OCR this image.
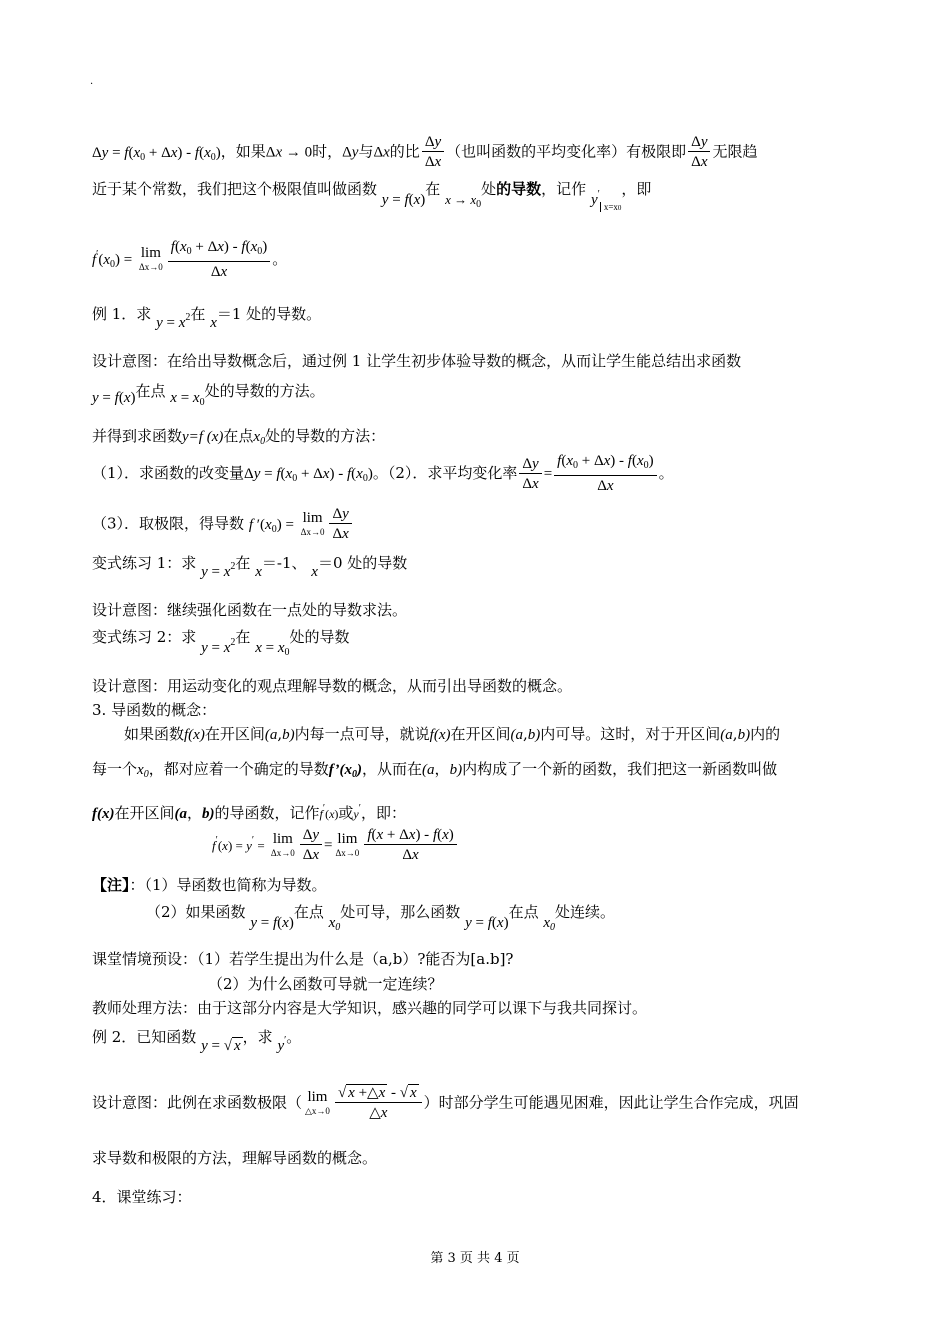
.
$\Delta y = f(x_0 + \Delta x) - f(x_0)$，如果Δx → 0时，Δy与Δx的比 $\frac{\Delta y}{\Delta x}$ （也叫函数的平均变化率）有极限即 $\frac{\Delta y}{\Delta x}$ 无限趋
近于某个常数，我们把这个极限值叫做函数 y = f(x)在 $x \to x_0$处的导数，记作 $y'_{x=x0}$，即
$f'(x_0) = \lim$
$\Delta x\to 0 \frac{f(x_0 + \Delta x) - f(x_0)}{\Delta x}$ 。
例 1．求 $y = x^2$在 x＝1 处的导数。
设计意图：在给出导数概念后，通过例 1 让学生初步体验导数的概念，从而让学生能总结出求函数
y = f(x)在点 $x = x_0$处的导数的方法。
并得到求函数y=f (x)在点$x_0$处的导数的方法：
（1）．求函数的改变量$\Delta y = f(x_0 + \Delta x) - f(x_0)$。（2）．求平均变化率 $\frac{\Delta y}{\Delta x} = \frac{f(x_0 + \Delta x) - f(x_0)}{\Delta x}$ 。
（3）．取极限，得导数 f $'(x_0) = \lim$
$\Delta x\to 0 \frac{\Delta y}{\Delta x}$
变式练习 1：求 $y = x^2$在 x＝-1、 x＝0 处的导数
设计意图：继续强化函数在一点处的导数求法。
变式练习 2：求 $y = x^2$在 $x = x_0$处的导数
设计意图：用运动变化的观点理解导数的概念，从而引出导函数的概念。
3. 导函数的概念：
如果函数f(x)在开区间(a,b)内每一点可导，就说f(x)在开区间(a,b)内可导。这时，对于开区间(a,b)内的
每一个$x_0$，都对应着一个确定的导数$f’(x_0)$，从而在(a，b)内构成了一个新的函数，我们把这一新函数叫做
f(x)在开区间(a，b)的导函数，记作f′(x)或y′，即：
f′(x) = y′ = lim
$\Delta x\to 0 \frac{\Delta y}{\Delta x} = \lim$
$\Delta x\to 0 \frac{f(x + \Delta x) - f(x)}{\Delta x}$
【注】：（1）导函数也简称为导数。
（2）如果函数 y = f(x)在点 $x_0$处可导，那么函数 y = f(x)在点 $x_0$处连续。
课堂情境预设：（1）若学生提出为什么是（a,b）?能否为[a.b]?
（2）为什么函数可导就一定连续？
教师处理方法：由于这部分内容是大学知识，感兴趣的同学可以课下与我共同探讨。
例 2．已知函数 y = √ x ，求 y′。
设计意图：此例在求函数极限（ lim
△x→0 $\frac{√ x +\triangle x - √ x}{\triangle x}$ ）时部分学生可能遇见困难，因此让学生合作完成，巩固
求导数和极限的方法，理解导函数的概念。
4．课堂练习：
第 3 页 共 4 页
